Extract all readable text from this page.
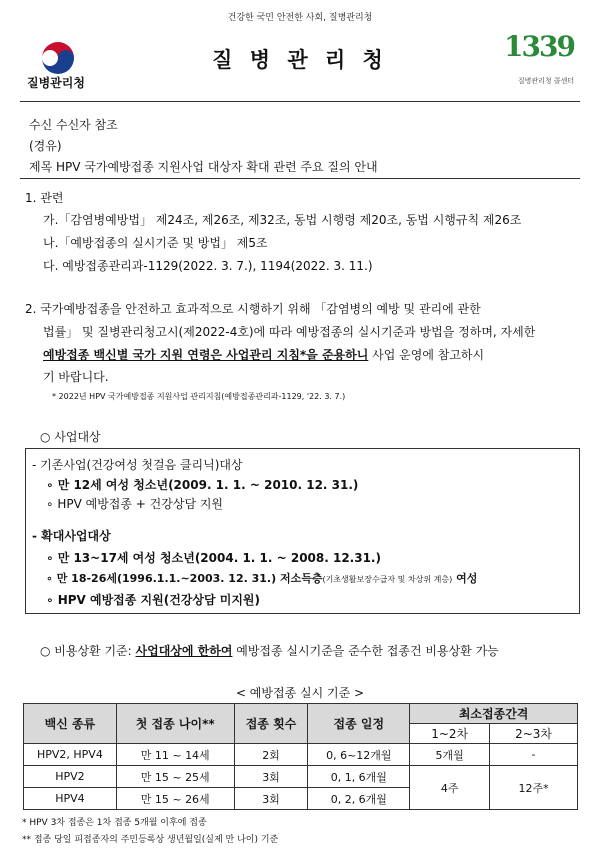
건강한 국민 안전한 사회, 질병관리청
질병관리청
질 병 관 리 청	1339
질병관리청 콜센터
수신 수신자 참조
(경유)
제목 HPV 국가예방접종 지원사업 대상자 확대 관련 주요 질의 안내
1. 관련
가.「감염병예방법」 제24조, 제26조, 제32조, 동법 시행령 제20조, 동법 시행규칙 제26조
나.「예방접종의 실시기준 및 방법」 제5조
다. 예방접종관리과-1129(2022. 3. 7.), 1194(2022. 3. 11.)
2. 국가예방접종을 안전하고 효과적으로 시행하기 위해 「감염병의 예방 및 관리에 관한
법률」 및 질병관리청고시(제2022-4호)에 따라 예방접종의 실시기준과 방법을 정하며, 자세한
예방접종 백신별 국가 지원 연령은 사업관리 지침*을 준용하니 사업 운영에 참고하시
기 바랍니다.
* 2022년 HPV 국가예방접종 지원사업 관리지침(예방접종관리과-1129, '22. 3. 7.)
○ 사업대상
- 기존사업(건강여성 첫걸음 클리닉)대상
∘ 만 12세 여성 청소년(2009. 1. 1. ~ 2010. 12. 31.)
∘ HPV 예방접종 + 건강상담 지원
- 확대사업대상
∘ 만 13~17세 여성 청소년(2004. 1. 1. ~ 2008. 12.31.)
∘ 만 18-26세(1996.1.1.~2003. 12. 31.) 저소득층(기초생활보장수급자 및 차상위 계층) 여성
∘ HPV 예방접종 지원(건강상담 미지원)
○ 비용상환 기준: 사업대상에 한하여 예방접종 실시기준을 준수한 접종건 비용상환 가능
< 예방접종 실시 기준 >
백신 종류	첫 접종 나이**	접종 횟수	접종 일정	최소접종간격	
				1~2차	2~3차
HPV2, HPV4	만 11 ~ 14세	2회	0, 6~12개월	5개월	-
HPV2	만 15 ~ 25세	3회	0, 1, 6개월	4주	12주*
HPV4	만 15 ~ 26세	3회	0, 2, 6개월		
* HPV 3차 접종은 1차 접종 5개월 이후에 접종
** 접종 당일 피접종자의 주민등록상 생년월일(실제 만 나이) 기준
